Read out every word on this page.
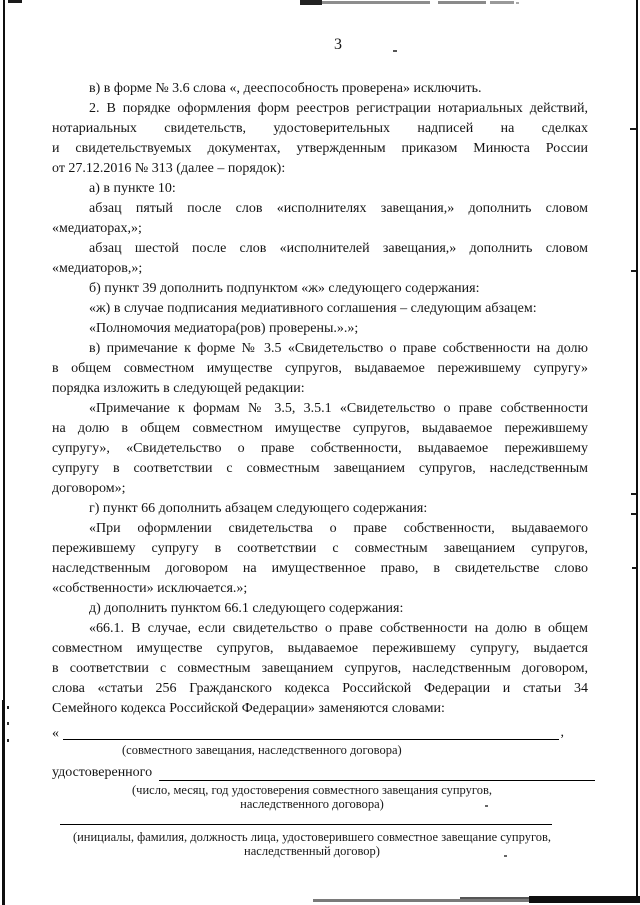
3
в) в форме № 3.6 слова «, дееспособность проверена» исключить.
2. В порядке оформления форм реестров регистрации нотариальных действий,
нотариальных свидетельств, удостоверительных надписей на сделках
и свидетельствуемых документах, утвержденным приказом Минюста России
от 27.12.2016 № 313 (далее – порядок):
а) в пункте 10:
абзац пятый после слов «исполнителях завещания,» дополнить словом
«медиаторах,»;
абзац шестой после слов «исполнителей завещания,» дополнить словом
«медиаторов,»;
б) пункт 39 дополнить подпунктом «ж» следующего содержания:
«ж) в случае подписания медиативного соглашения – следующим абзацем:
«Полномочия медиатора(ров) проверены.».»;
в) примечание к форме № 3.5 «Свидетельство о праве собственности на долю
в общем совместном имуществе супругов, выдаваемое пережившему супругу»
порядка изложить в следующей редакции:
«Примечание к формам № 3.5, 3.5.1 «Свидетельство о праве собственности
на долю в общем совместном имуществе супругов, выдаваемое пережившему
супругу», «Свидетельство о праве собственности, выдаваемое пережившему
супругу в соответствии с совместным завещанием супругов, наследственным
договором»;
г) пункт 66 дополнить абзацем следующего содержания:
«При оформлении свидетельства о праве собственности, выдаваемого
пережившему супругу в соответствии с совместным завещанием супругов,
наследственным договором на имущественное право, в свидетельстве слово
«собственности» исключается.»;
д) дополнить пунктом 66.1 следующего содержания:
«66.1. В случае, если свидетельство о праве собственности на долю в общем
совместном имуществе супругов, выдаваемое пережившему супругу, выдается
в соответствии с совместным завещанием супругов, наследственным договором,
слова «статьи 256 Гражданского кодекса Российской Федерации и статьи 34
Семейного кодекса Российской Федерации» заменяются словами:
«	,
(совместного завещания, наследственного договора)
удостоверенного
(число, месяц, год удостоверения совместного завещания супругов,
наследственного договора)
(инициалы, фамилия, должность лица, удостоверившего совместное завещание супругов,
наследственный договор)
